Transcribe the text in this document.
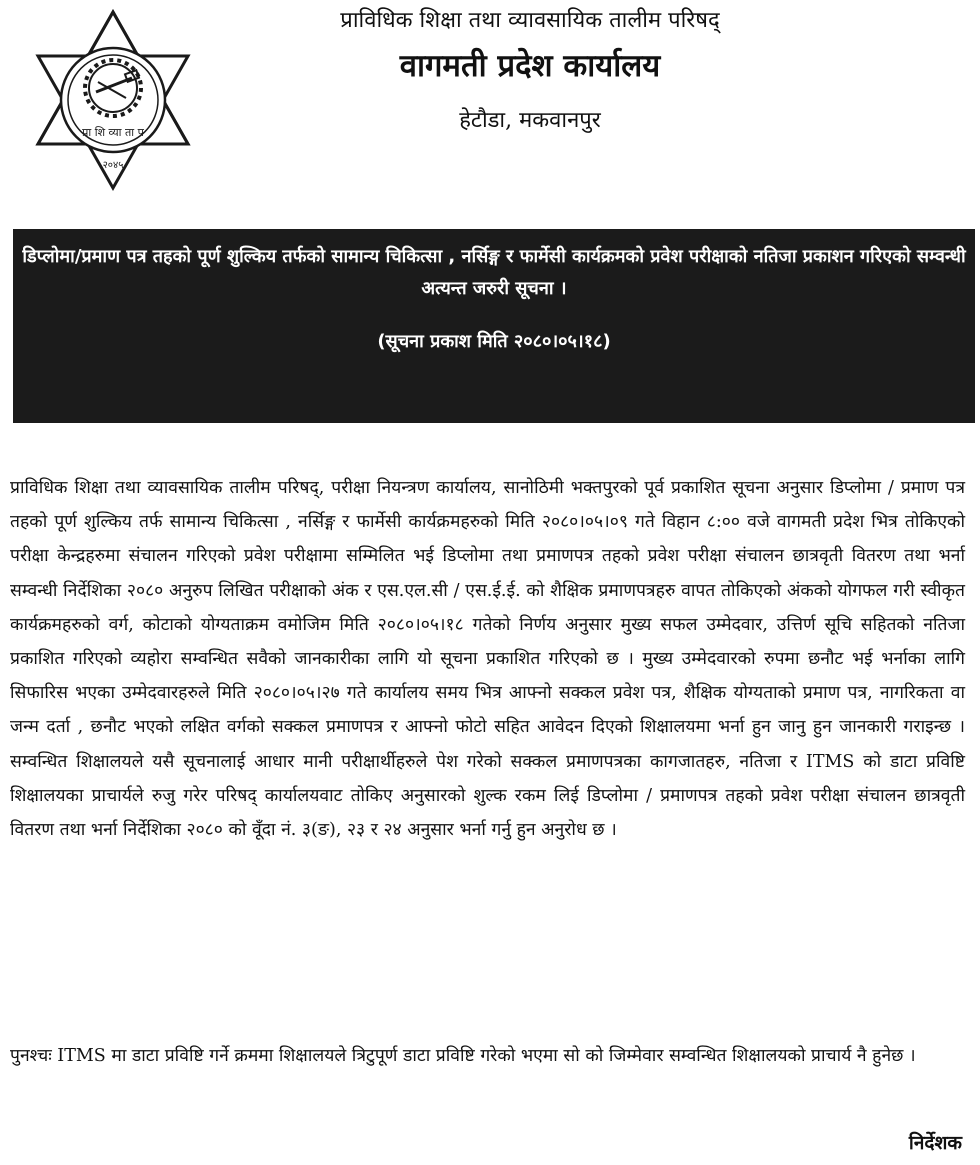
प्रा शि व्या ता प
२०४५

प्राविधिक शिक्षा तथा व्यावसायिक तालीम परिषद्

वागमती प्रदेश कार्यालय

हेटौडा, मकवानपुर

डिप्लोमा/प्रमाण पत्र तहको पूर्ण शुल्किय तर्फको सामान्य चिकित्सा , नर्सिङ्ग र फार्मेसी कार्यक्रमको प्रवेश परीक्षाको नतिजा प्रकाशन गरिएको सम्वन्धी अत्यन्त जरुरी सूचना ।

(सूचना प्रकाश मिति २०८०।०५।१८)

प्राविधिक शिक्षा तथा व्यावसायिक तालीम परिषद्, परीक्षा नियन्त्रण कार्यालय, सानोठिमी भक्तपुरको पूर्व प्रकाशित सूचना अनुसार डिप्लोमा / प्रमाण पत्र तहको पूर्ण शुल्किय तर्फ सामान्य चिकित्सा , नर्सिङ्ग र फार्मेसी कार्यक्रमहरुको मिति २०८०।०५।०९ गते विहान ८:०० वजे वागमती प्रदेश भित्र तोकिएको परीक्षा केन्द्रहरुमा संचालन गरिएको प्रवेश परीक्षामा सम्मिलित भई डिप्लोमा तथा प्रमाणपत्र तहको प्रवेश परीक्षा संचालन छात्रवृती वितरण तथा भर्ना सम्वन्धी निर्देशिका २०८० अनुरुप लिखित परीक्षाको अंक र एस.एल.सी / एस.ई.ई. को शैक्षिक प्रमाणपत्रहरु वापत तोकिएको अंकको योगफल गरी स्वीकृत कार्यक्रमहरुको वर्ग, कोटाको योग्यताक्रम वमोजिम मिति २०८०।०५।१८ गतेको निर्णय अनुसार मुख्य सफल उम्मेदवार, उत्तिर्ण सूचि सहितको नतिजा प्रकाशित गरिएको व्यहोरा सम्वन्धित सवैको जानकारीका लागि यो सूचना प्रकाशित गरिएको छ । मुख्य उम्मेदवारको रुपमा छनौट भई भर्नाका लागि सिफारिस भएका उम्मेदवारहरुले मिति २०८०।०५।२७ गते कार्यालय समय भित्र आफ्नो सक्कल प्रवेश पत्र, शैक्षिक योग्यताको प्रमाण पत्र, नागरिकता वा जन्म दर्ता , छनौट भएको लक्षित वर्गको सक्कल प्रमाणपत्र र आफ्नो फोटो सहित आवेदन दिएको शिक्षालयमा भर्ना हुन जानु हुन जानकारी गराइन्छ । सम्वन्धित शिक्षालयले यसै सूचनालाई आधार मानी परीक्षार्थीहरुले पेश गरेको सक्कल प्रमाणपत्रका कागजातहरु, नतिजा र ITMS को डाटा प्रविष्टि शिक्षालयका प्राचार्यले रुजु गरेर परिषद् कार्यालयवाट तोकिए अनुसारको शुल्क रकम लिई डिप्लोमा / प्रमाणपत्र तहको प्रवेश परीक्षा संचालन छात्रवृती वितरण तथा भर्ना निर्देशिका २०८० को वूँदा नं. ३(ङ), २३ र २४ अनुसार भर्ना गर्नु हुन अनुरोध छ ।

पुनश्चः ITMS मा डाटा प्रविष्टि गर्ने क्रममा शिक्षालयले त्रिटुपूर्ण डाटा प्रविष्टि गरेको भएमा सो को जिम्मेवार सम्वन्धित शिक्षालयको प्राचार्य नै हुनेछ ।

निर्देशक
